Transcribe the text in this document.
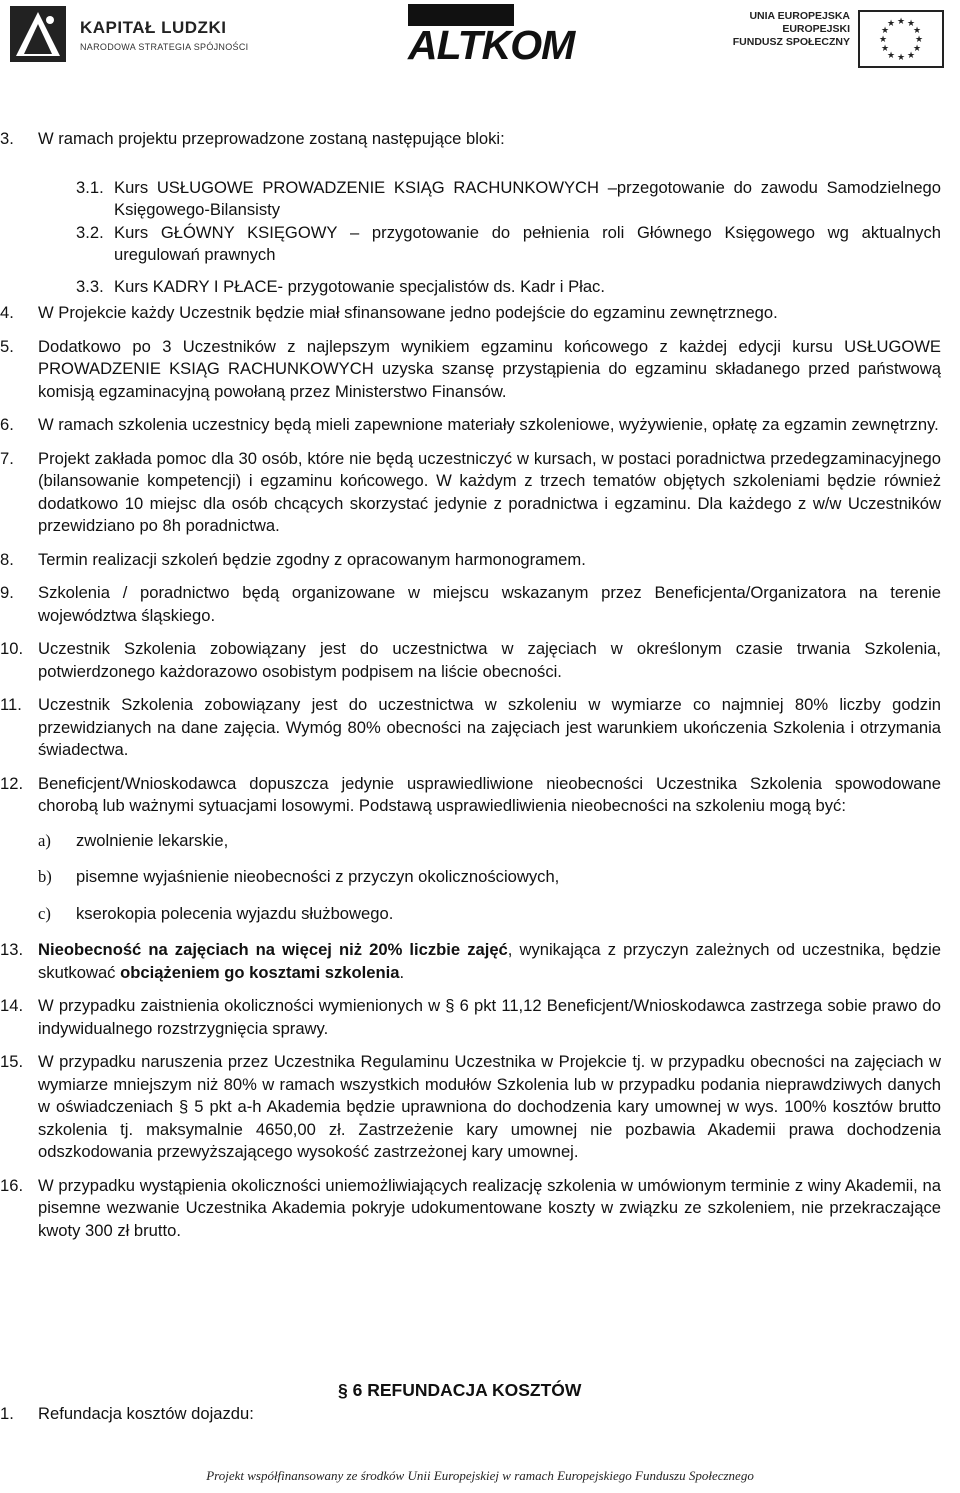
KAPITAŁ LUDZKI
NARODOWA STRATEGIA SPÓJNOŚCI	ALTKOM
UNIA EUROPEJSKA
EUROPEJSKI
FUNDUSZ SPOŁECZNY
★ ★
★
★
★
★
★
★
★
★
★
★
3.	W ramach projektu przeprowadzone zostaną następujące bloki:
3.1. Kurs USŁUGOWE PROWADZENIE KSIĄG RACHUNKOWYCH –przegotowanie do zawodu Samodzielnego Księgowego-Bilansisty
3.2. Kurs GŁÓWNY KSIĘGOWY – przygotowanie do pełnienia roli Głównego Księgowego wg aktualnych uregulowań prawnych
3.3. Kurs KADRY I PŁACE- przygotowanie specjalistów ds. Kadr i Płac.
4.	W Projekcie każdy Uczestnik będzie miał sfinansowane jedno podejście do egzaminu zewnętrznego.
5.	Dodatkowo po 3 Uczestników z najlepszym wynikiem egzaminu końcowego z każdej edycji kursu USŁUGOWE PROWADZENIE KSIĄG RACHUNKOWYCH uzyska szansę przystąpienia do egzaminu składanego przed państwową komisją egzaminacyjną powołaną przez Ministerstwo Finansów.
6.	W ramach szkolenia uczestnicy będą mieli zapewnione materiały szkoleniowe, wyżywienie, opłatę za egzamin zewnętrzny.
7.	Projekt zakłada pomoc dla 30 osób, które nie będą uczestniczyć w kursach, w postaci poradnictwa przedegzaminacyjnego (bilansowanie kompetencji) i egzaminu końcowego. W każdym z trzech tematów objętych szkoleniami będzie również dodatkowo 10 miejsc dla osób chcących skorzystać jedynie z poradnictwa i egzaminu. Dla każdego z w/w Uczestników przewidziano po 8h poradnictwa.
8.	Termin realizacji szkoleń będzie zgodny z opracowanym harmonogramem.
9.	Szkolenia / poradnictwo będą organizowane w miejscu wskazanym przez Beneficjenta/Organizatora na terenie województwa śląskiego.
10. Uczestnik Szkolenia zobowiązany jest do uczestnictwa w zajęciach w określonym czasie trwania Szkolenia, potwierdzonego każdorazowo osobistym podpisem na liście obecności.
11. Uczestnik Szkolenia zobowiązany jest do uczestnictwa w szkoleniu w wymiarze co najmniej 80% liczby godzin przewidzianych na dane zajęcia. Wymóg 80% obecności na zajęciach jest warunkiem ukończenia Szkolenia i otrzymania świadectwa.
12. Beneficjent/Wnioskodawca dopuszcza jedynie usprawiedliwione nieobecności Uczestnika Szkolenia spowodowane chorobą lub ważnymi sytuacjami losowymi. Podstawą usprawiedliwienia nieobecności na szkoleniu mogą być:
a) zwolnienie lekarskie,
b) pisemne wyjaśnienie nieobecności z przyczyn okolicznościowych,
c) kserokopia polecenia wyjazdu służbowego.
13. Nieobecność na zajęciach na więcej niż 20% liczbie zajęć, wynikająca z przyczyn zależnych od uczestnika, będzie skutkować obciążeniem go kosztami szkolenia.
14. W przypadku zaistnienia okoliczności wymienionych w § 6 pkt 11,12 Beneficjent/Wnioskodawca zastrzega sobie prawo do indywidualnego rozstrzygnięcia sprawy.
15. W przypadku naruszenia przez Uczestnika Regulaminu Uczestnika w Projekcie tj. w przypadku obecności na zajęciach w wymiarze mniejszym niż 80% w ramach wszystkich modułów Szkolenia lub w przypadku podania nieprawdziwych danych w oświadczeniach § 5 pkt a-h Akademia będzie uprawniona do dochodzenia kary umownej w wys. 100% kosztów brutto szkolenia tj. maksymalnie 4650,00 zł. Zastrzeżenie kary umownej nie pozbawia Akademii prawa dochodzenia odszkodowania przewyższającego wysokość zastrzeżonej kary umownej.
16. W przypadku wystąpienia okoliczności uniemożliwiających realizację szkolenia w umówionym terminie z winy Akademii, na pisemne wezwanie Uczestnika Akademia pokryje udokumentowane koszty w związku ze szkoleniem, nie przekraczające kwoty 300 zł brutto.
§ 6 REFUNDACJA KOSZTÓW
1. Refundacja kosztów dojazdu:
Projekt współfinansowany ze środków Unii Europejskiej w ramach Europejskiego Funduszu Społecznego
